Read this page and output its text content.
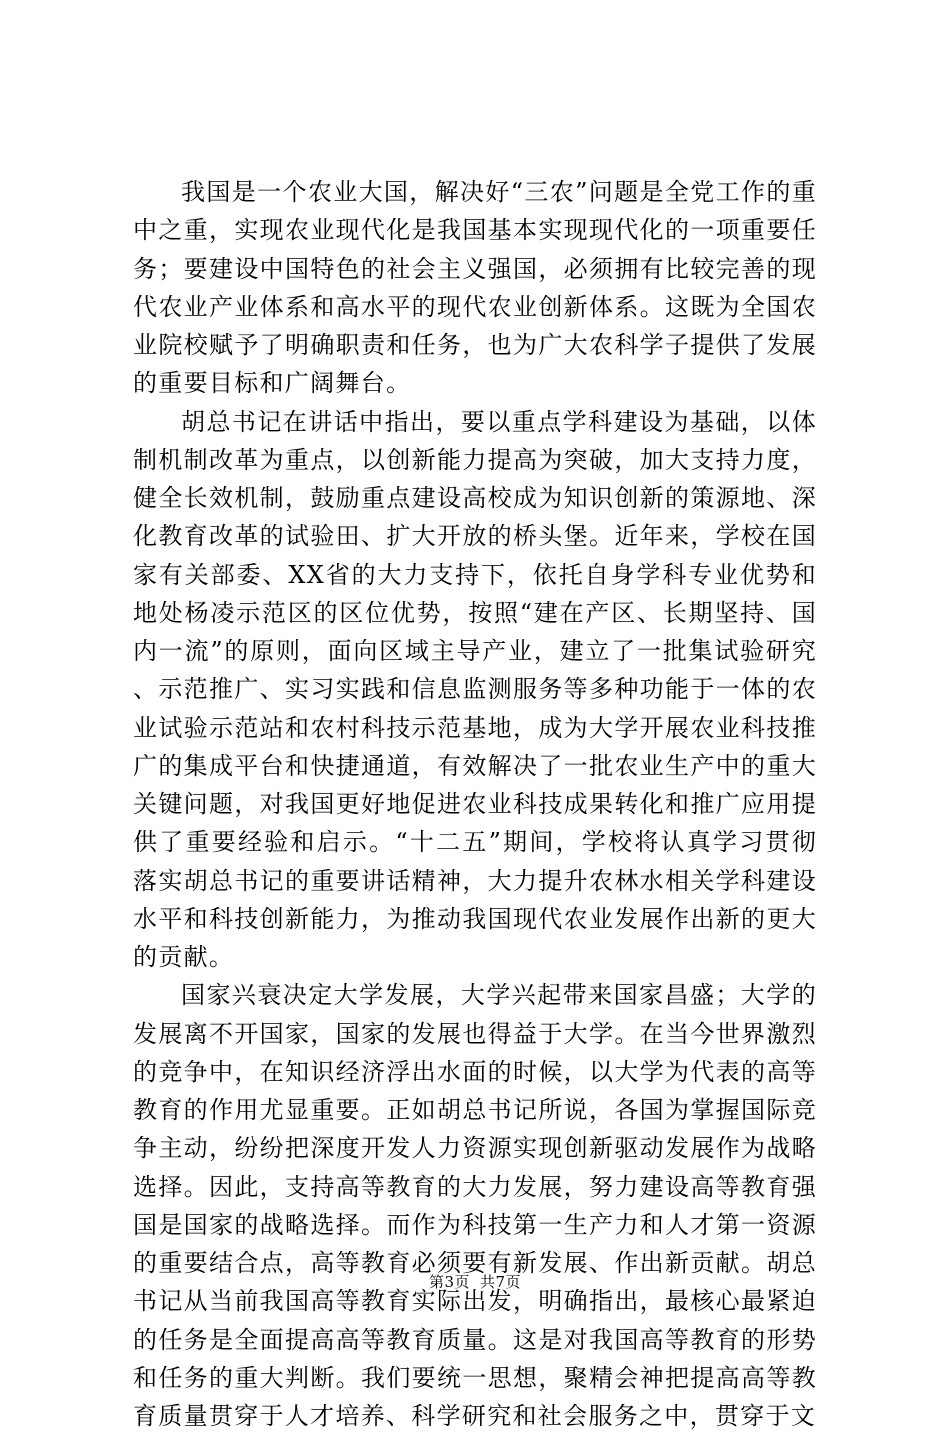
我国是一个农业大国，解决好“三农”问题是全党工作的重中之重，实现农业现代化是我国基本实现现代化的一项重要任务；要建设中国特色的社会主义强国，必须拥有比较完善的现代农业产业体系和高水平的现代农业创新体系。这既为全国农业院校赋予了明确职责和任务，也为广大农科学子提供了发展的重要目标和广阔舞台。

胡总书记在讲话中指出，要以重点学科建设为基础，以体制机制改革为重点，以创新能力提高为突破，加大支持力度，健全长效机制，鼓励重点建设高校成为知识创新的策源地、深化教育改革的试验田、扩大开放的桥头堡。近年来，学校在国家有关部委、XX省的大力支持下，依托自身学科专业优势和地处杨凌示范区的区位优势，按照“建在产区、长期坚持、国内一流”的原则，面向区域主导产业，建立了一批集试验研究、示范推广、实习实践和信息监测服务等多种功能于一体的农业试验示范站和农村科技示范基地，成为大学开展农业科技推广的集成平台和快捷通道，有效解决了一批农业生产中的重大关键问题，对我国更好地促进农业科技成果转化和推广应用提供了重要经验和启示。“十二五”期间，学校将认真学习贯彻落实胡总书记的重要讲话精神，大力提升农林水相关学科建设水平和科技创新能力，为推动我国现代农业发展作出新的更大的贡献。

国家兴衰决定大学发展，大学兴起带来国家昌盛；大学的发展离不开国家，国家的发展也得益于大学。在当今世界激烈的竞争中，在知识经济浮出水面的时候，以大学为代表的高等教育的作用尤显重要。正如胡总书记所说，各国为掌握国际竞争主动，纷纷把深度开发人力资源实现创新驱动发展作为战略选择。因此，支持高等教育的大力发展，努力建设高等教育强国是国家的战略选择。而作为科技第一生产力和人才第一资源的重要结合点，高等教育必须要有新发展、作出新贡献。胡总书记从当前我国高等教育实际出发，明确指出，最核心最紧迫的任务是全面提高高等教育质量。这是对我国高等教育的形势和任务的重大判断。我们要统一思想，聚精会神把提高高等教育质量贯穿于人才培养、科学研究和社会服务之中，贯穿于文

第3页 共7页
